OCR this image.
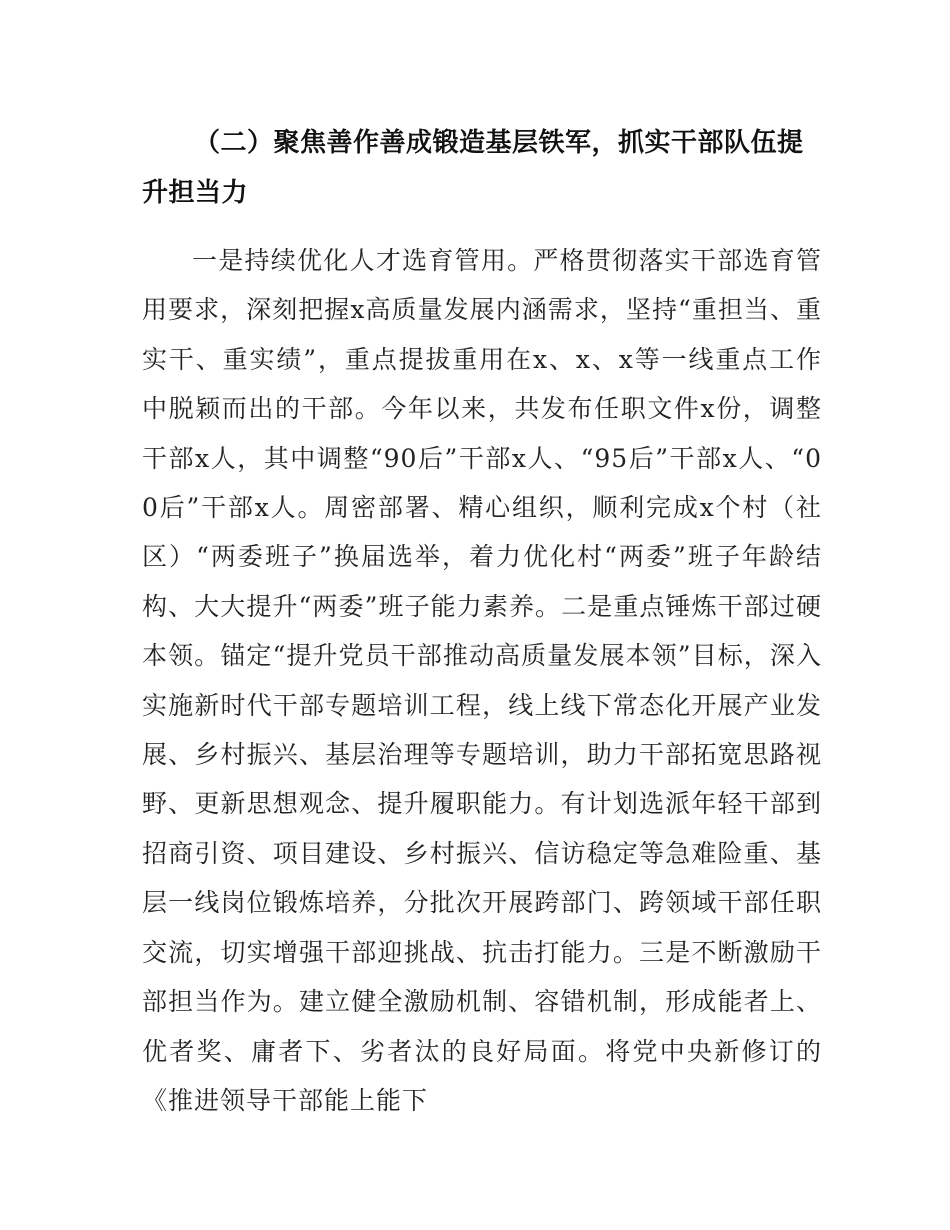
（二）聚焦善作善成锻造基层铁军，抓实干部队伍提升担当力

一是持续优化人才选育管用。严格贯彻落实干部选育管用要求，深刻把握x高质量发展内涵需求，坚持“重担当、重实干、重实绩”，重点提拔重用在x、x、x等一线重点工作中脱颖而出的干部。今年以来，共发布任职文件x份，调整干部x人，其中调整“90后”干部x人、“95后”干部x人、“00后”干部x人。周密部署、精心组织，顺利完成x个村（社区）“两委班子”换届选举，着力优化村“两委”班子年龄结构、大大提升“两委”班子能力素养。二是重点锤炼干部过硬本领。锚定“提升党员干部推动高质量发展本领”目标，深入实施新时代干部专题培训工程，线上线下常态化开展产业发展、乡村振兴、基层治理等专题培训，助力干部拓宽思路视野、更新思想观念、提升履职能力。有计划选派年轻干部到招商引资、项目建设、乡村振兴、信访稳定等急难险重、基层一线岗位锻炼培养，分批次开展跨部门、跨领域干部任职交流，切实增强干部迎挑战、抗击打能力。三是不断激励干部担当作为。建立健全激励机制、容错机制，形成能者上、优者奖、庸者下、劣者汰的良好局面。将党中央新修订的《推进领导干部能上能下
